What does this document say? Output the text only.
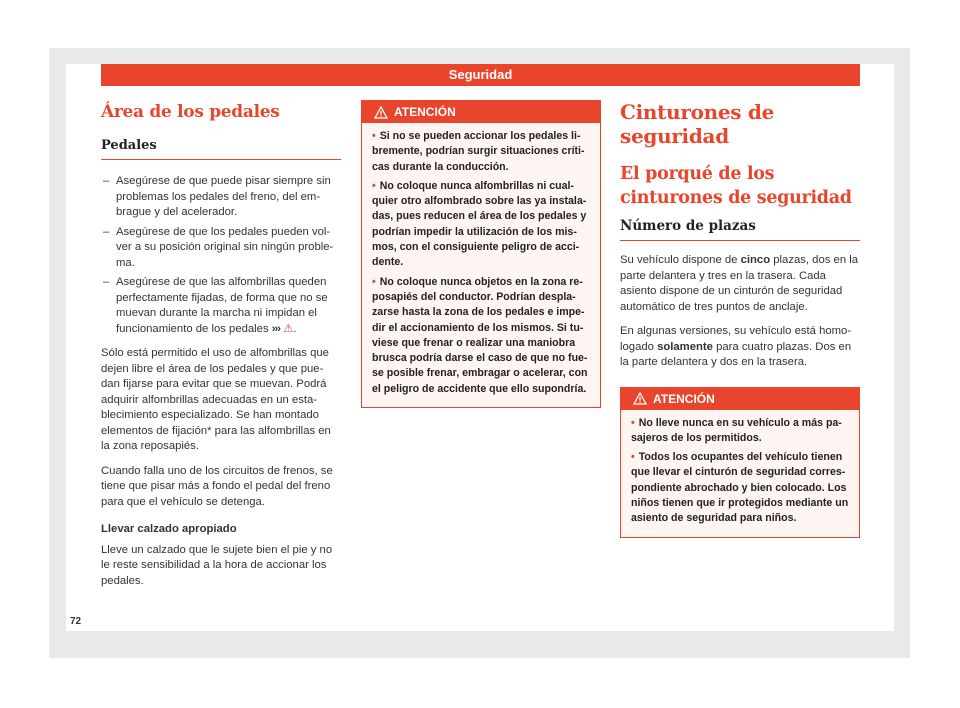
Seguridad
Área de los pedales
Pedales
– Asegúrese de que puede pisar siempre sin problemas los pedales del freno, del em- brague y del acelerador.
– Asegúrese de que los pedales pueden vol- ver a su posición original sin ningún proble- ma.
– Asegúrese de que las alfombrillas queden perfectamente fijadas, de forma que no se muevan durante la marcha ni impidan el funcionamiento de los pedales ››› ⚠.

Sólo está permitido el uso de alfombrillas que dejen libre el área de los pedales y que pue- dan fijarse para evitar que se muevan. Podrá adquirir alfombrillas adecuadas en un esta- blecimiento especializado. Se han montado elementos de fijación* para las alfombrillas en la zona reposapiés.

Cuando falla uno de los circuitos de frenos, se tiene que pisar más a fondo el pedal del freno para que el vehículo se detenga.

Llevar calzado apropiado

Lleve un calzado que le sujete bien el pie y no le reste sensibilidad a la hora de accionar los pedales.

ATENCIÓN
• Si no se pueden accionar los pedales li- bremente, podrían surgir situaciones críti- cas durante la conducción.
• No coloque nunca alfombrillas ni cual- quier otro alfombrado sobre las ya instala- das, pues reducen el área de los pedales y podrían impedir la utilización de los mis- mos, con el consiguiente peligro de acci- dente.
• No coloque nunca objetos en la zona re- posapiés del conductor. Podrían despla- zarse hasta la zona de los pedales e impe- dir el accionamiento de los mismos. Si tu- viese que frenar o realizar una maniobra brusca podría darse el caso de que no fue- se posible frenar, embragar o acelerar, con el peligro de accidente que ello supondría.
Cinturones de seguridad
El porqué de los cinturones de seguridad
Número de plazas

Su vehículo dispone de cinco plazas, dos en la parte delantera y tres en la trasera. Cada asiento dispone de un cinturón de seguridad automático de tres puntos de anclaje.

En algunas versiones, su vehículo está homo- logado solamente para cuatro plazas. Dos en la parte delantera y dos en la trasera.

ATENCIÓN
• No lleve nunca en su vehículo a más pa- sajeros de los permitidos.
• Todos los ocupantes del vehículo tienen que llevar el cinturón de seguridad corres- pondiente abrochado y bien colocado. Los niños tienen que ir protegidos mediante un asiento de seguridad para niños.
72
